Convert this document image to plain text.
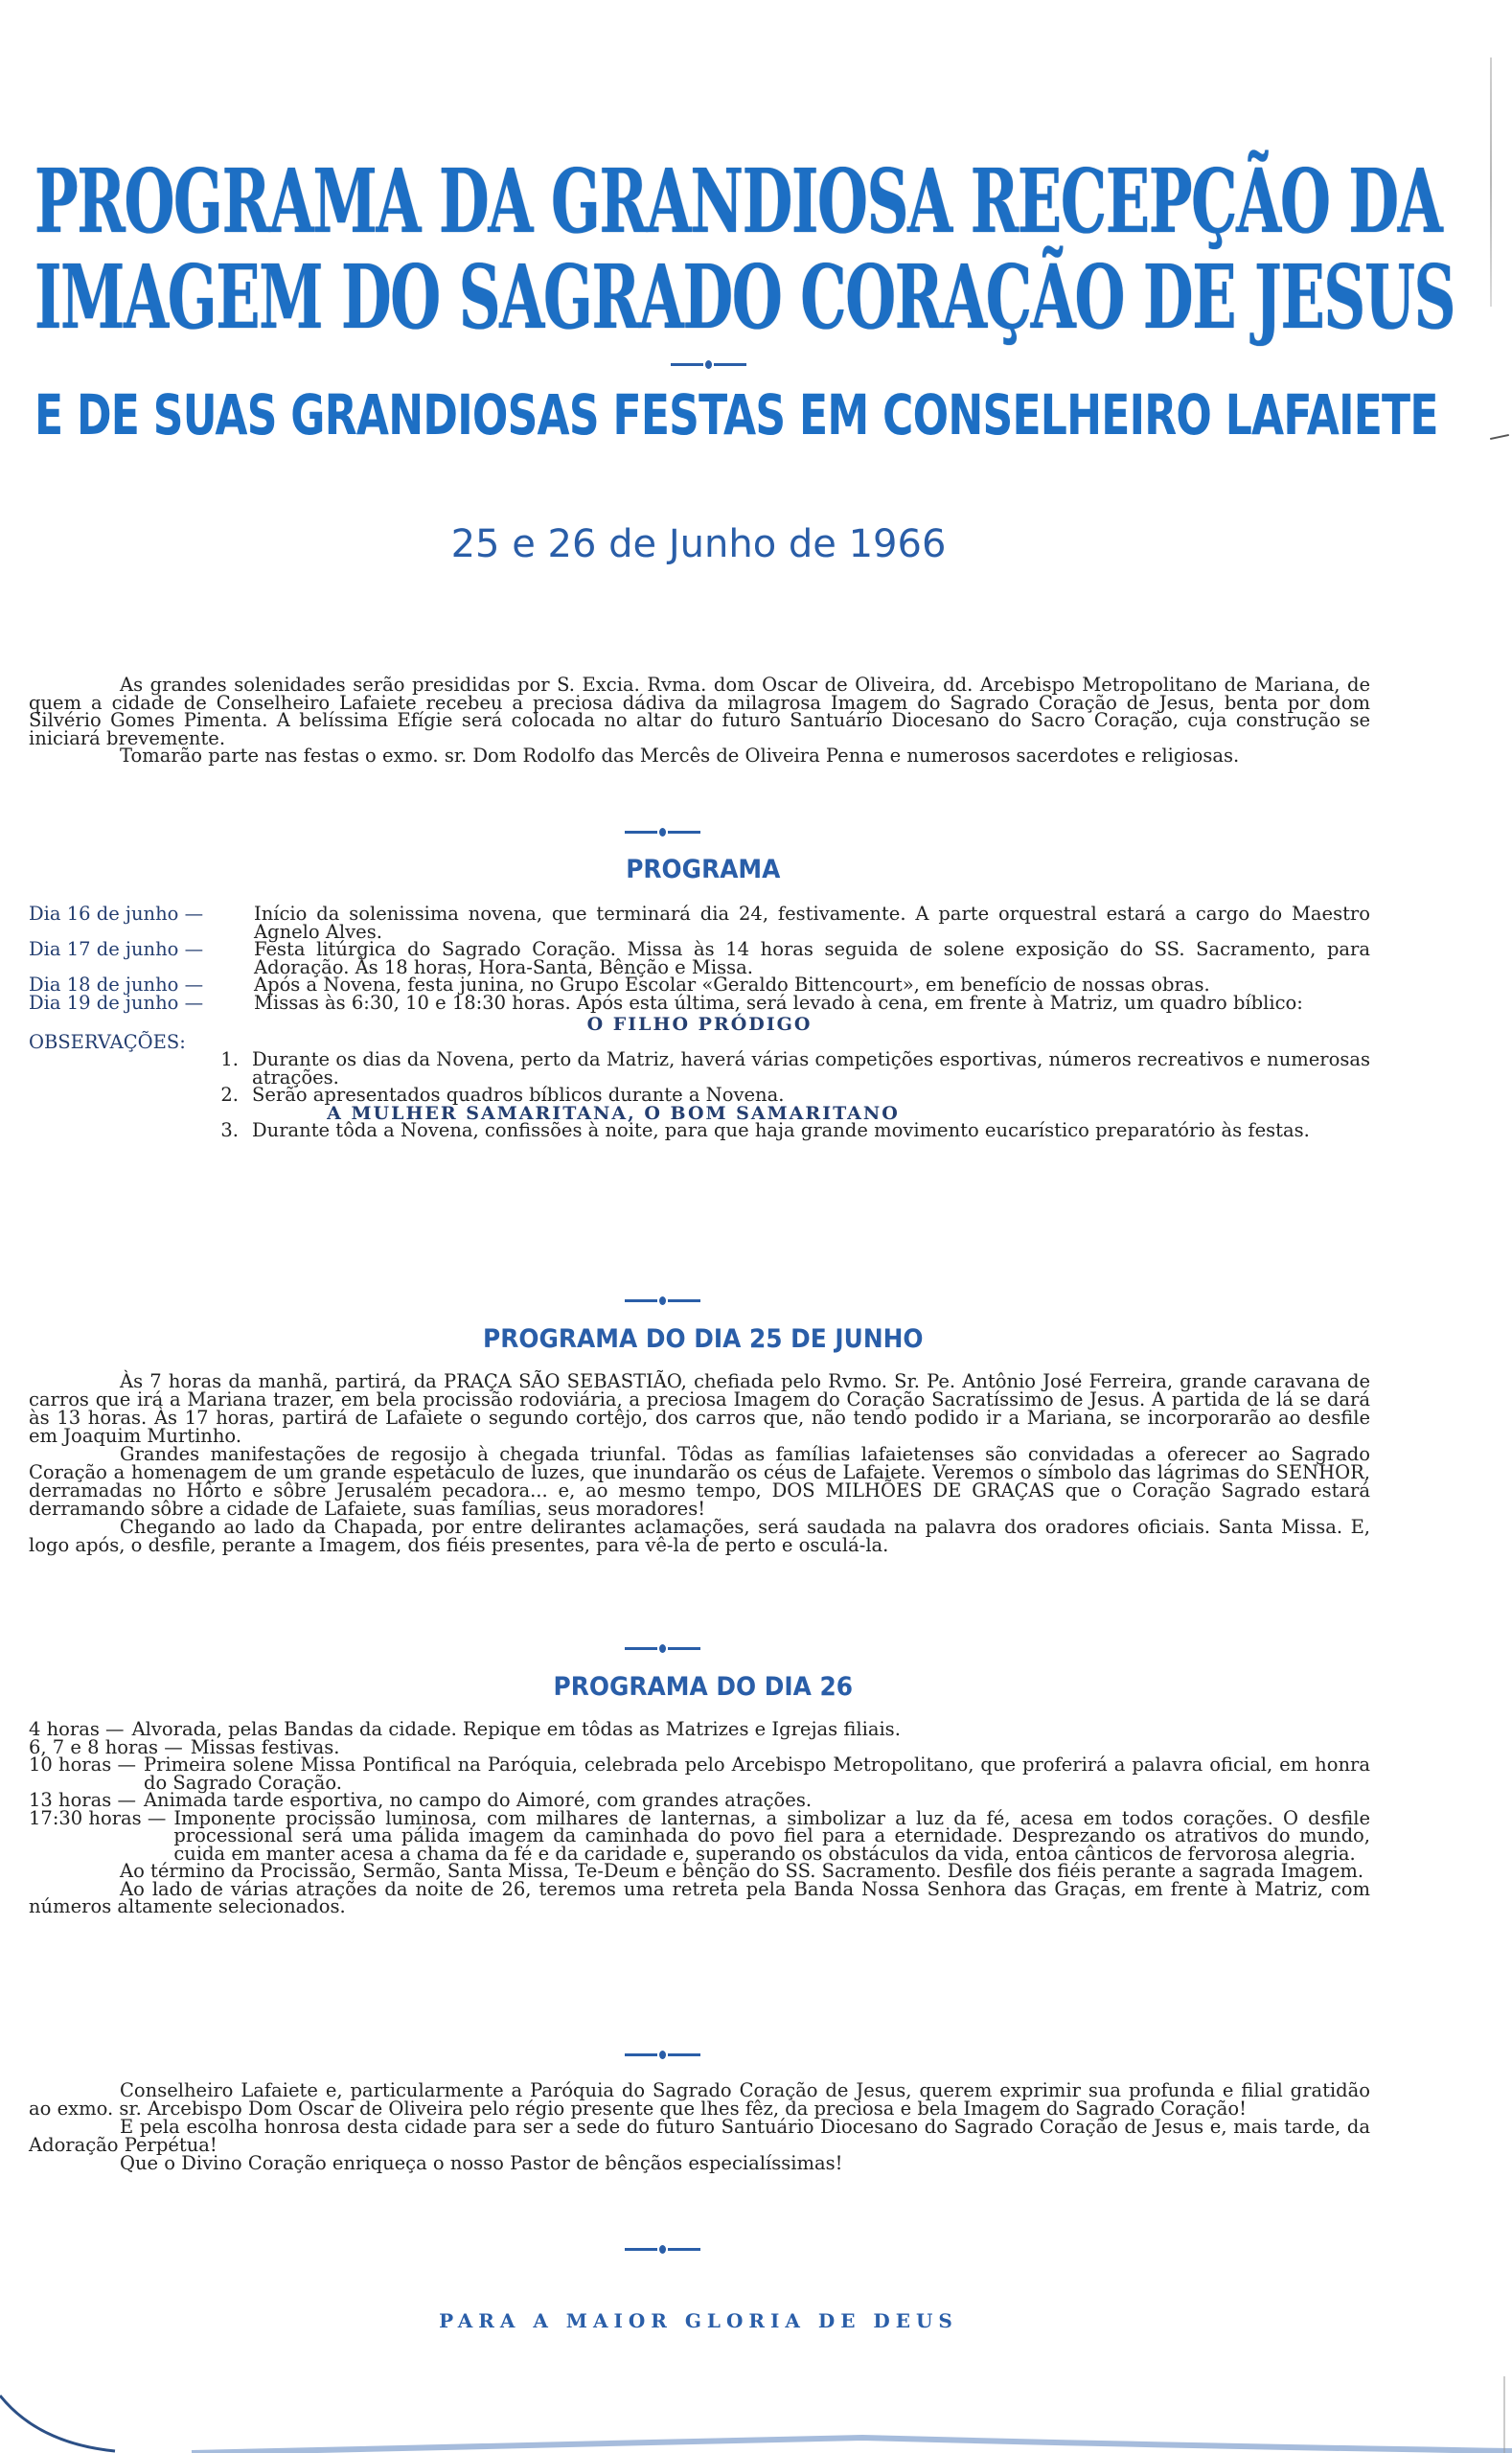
PROGRAMA DA GRANDIOSA RECEPÇÃO DA
IMAGEM DO SAGRADO CORAÇÃO DE JESUS
E DE SUAS GRANDIOSAS FESTAS EM CONSELHEIRO LAFAIETE
25 e 26 de Junho de 1966

As grandes solenidades serão presididas por S. Excia. Rvma. dom Oscar de Oliveira, dd. Arcebispo Metropolitano de Mariana, de quem a cidade de Conselheiro Lafaiete recebeu a preciosa dádiva da milagrosa Imagem do Sagrado Coração de Jesus, benta por dom Silvério Gomes Pimenta. A belíssima Efígie será colocada no altar do futuro Santuário Diocesano do Sacro Coração, cuja construção se iniciará brevemente.

Tomarão parte nas festas o exmo. sr. Dom Rodolfo das Mercês de Oliveira Penna e numerosos sacerdotes e religiosas.

PROGRAMA
Dia 16 de junho —	Início da solenissima novena, que terminará dia 24, festivamente. A parte orquestral estará a cargo do Maestro Agnelo Alves.
Dia 17 de junho —	Festa litúrgica do Sagrado Coração. Missa às 14 horas seguida de solene exposição do SS. Sacramento, para Adoração. Às 18 horas, Hora-Santa, Bênção e Missa.
Dia 18 de junho —	Após a Novena, festa junina, no Grupo Escolar «Geraldo Bittencourt», em benefício de nossas obras.
Dia 19 de junho —	Missas às 6:30, 10 e 18:30 horas. Após esta última, será levado à cena, em frente à Matriz, um quadro bíblico:
O FILHO PRÓDIGO
OBSERVAÇÕES:
1. Durante os dias da Novena, perto da Matriz, haverá várias competições esportivas, números recreativos e numerosas atrações.
2. Serão apresentados quadros bíblicos durante a Novena.
A MULHER SAMARITANA, O BOM SAMARITANO
3. Durante tôda a Novena, confissões à noite, para que haja grande movimento eucarístico preparatório às festas.
PROGRAMA DO DIA 25 DE JUNHO

Às 7 horas da manhã, partirá, da PRAÇA SÃO SEBASTIÃO, chefiada pelo Rvmo. Sr. Pe. Antônio José Ferreira, grande caravana de carros que irá a Mariana trazer, em bela procissão rodoviária, a preciosa Imagem do Coração Sacratíssimo de Jesus. A partida de lá se dará às 13 horas. Às 17 horas, partirá de Lafaiete o segundo cortêjo, dos carros que, não tendo podido ir a Mariana, se incorporarão ao desfile em Joaquim Murtinho.

Grandes manifestações de regosijo à chegada triunfal. Tôdas as famílias lafaietenses são convidadas a oferecer ao Sagrado Coração a homenagem de um grande espetáculo de luzes, que inundarão os céus de Lafaiete. Veremos o símbolo das lágrimas do SENHOR, derramadas no Hôrto e sôbre Jerusalém pecadora... e, ao mesmo tempo, DOS MILHÕES DE GRAÇAS que o Coração Sagrado estará derramando sôbre a cidade de Lafaiete, suas famílias, seus moradores!

Chegando ao lado da Chapada, por entre delirantes aclamações, será saudada na palavra dos oradores oficiais. Santa Missa. E, logo após, o desfile, perante a Imagem, dos fiéis presentes, para vê-la de perto e osculá-la.

PROGRAMA DO DIA 26
4 horas — Alvorada, pelas Bandas da cidade. Repique em tôdas as Matrizes e Igrejas filiais.
6, 7 e 8 horas — Missas festivas.
10 horas — Primeira solene Missa Pontifical na Paróquia, celebrada pelo Arcebispo Metropolitano, que proferirá a palavra oficial, em honra do Sagrado Coração.
13 horas — Animada tarde esportiva, no campo do Aimoré, com grandes atrações.
17:30 horas — Imponente procissão luminosa, com milhares de lanternas, a simbolizar a luz da fé, acesa em todos corações. O desfile processional será uma pálida imagem da caminhada do povo fiel para a eternidade. Desprezando os atrativos do mundo, cuida em manter acesa a chama da fé e da caridade e, superando os obstáculos da vida, entoa cânticos de fervorosa alegria.

Ao término da Procissão, Sermão, Santa Missa, Te-Deum e bênção do SS. Sacramento. Desfile dos fiéis perante a sagrada Imagem.

Ao lado de várias atrações da noite de 26, teremos uma retreta pela Banda Nossa Senhora das Graças, em frente à Matriz, com números altamente selecionados.

Conselheiro Lafaiete e, particularmente a Paróquia do Sagrado Coração de Jesus, querem exprimir sua profunda e filial gratidão ao exmo. sr. Arcebispo Dom Oscar de Oliveira pelo régio presente que lhes fêz, da preciosa e bela Imagem do Sagrado Coração!

E pela escolha honrosa desta cidade para ser a sede do futuro Santuário Diocesano do Sagrado Coração de Jesus e, mais tarde, da Adoração Perpétua!

Que o Divino Coração enriqueça o nosso Pastor de bênçãos especialíssimas!

PARA A MAIOR GLORIA DE DEUS
